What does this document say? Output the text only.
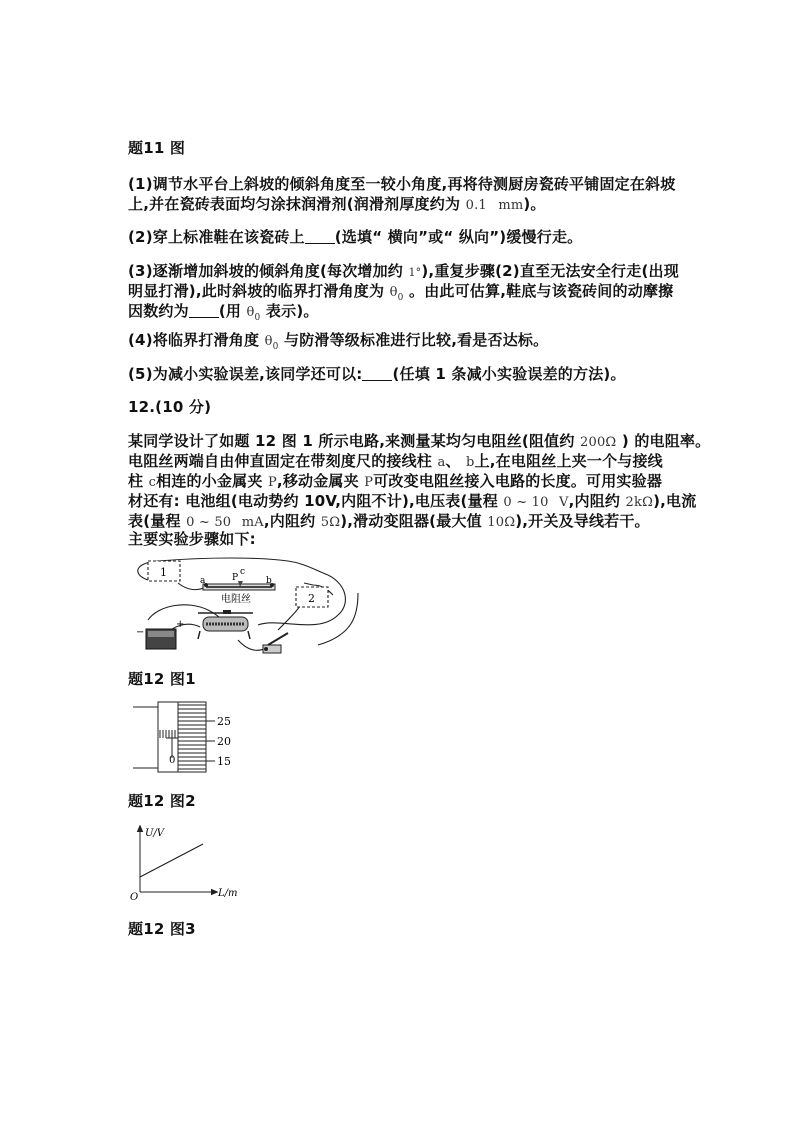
题11 图
(1)调节水平台上斜坡的倾斜角度至一较小角度,再将待测厨房瓷砖平铺固定在斜坡
上,并在瓷砖表面均匀涂抹润滑剂(润滑剂厚度约为 0.1 mm)。
(2)穿上标准鞋在该瓷砖上 (选填“ 横向”或“ 纵向”)缓慢行走。
(3)逐渐增加斜坡的倾斜角度(每次增加约 1°),重复步骤(2)直至无法安全行走(出现
明显打滑),此时斜坡的临界打滑角度为 $\theta_0$ 。由此可估算,鞋底与该瓷砖间的动摩擦
因数约为 (用 $\theta_0$ 表示)。
(4)将临界打滑角度 $\theta_0$ 与防滑等级标准进行比较,看是否达标。
(5)为减小实验误差,该同学还可以: (任填 1 条减小实验误差的方法)。
12.(10 分)
某同学设计了如题 12 图 1 所示电路,来测量某均匀电阻丝(阻值约 200Ω ) 的电阻率。
电阻丝两端自由伸直固定在带刻度尺的接线柱 a、 b上,在电阻丝上夹一个与接线
柱 c相连的小金属夹 P,移动金属夹 P可改变电阻丝接入电路的长度。可用实验器
材还有: 电池组(电动势约 10V,内阻不计),电压表(量程 0 ~ 10 V,内阻约 2kΩ),电流
表(量程 0 ~ 50 mA,内阻约 5Ω),滑动变阻器(最大值 10Ω),开关及导线若干。
主要实验步骤如下:
1
2
a	P
c
b
电阻丝
−
+
题12 图1
0
25
20
15
题12 图2
U/V
L/m
O
题12 图3
